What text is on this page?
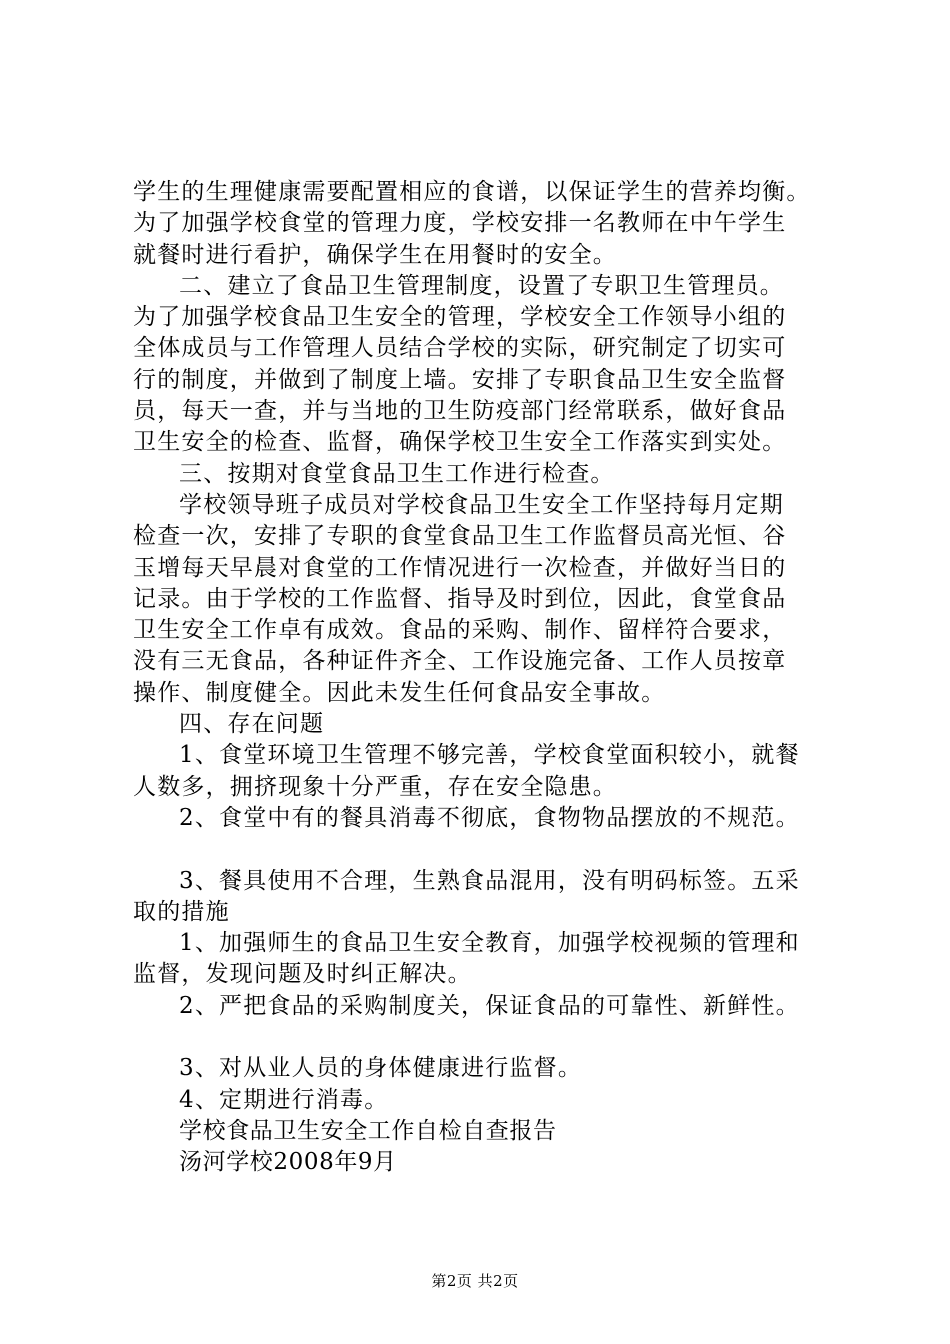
学生的生理健康需要配置相应的食谱，以保证学生的营养均衡。
为了加强学校食堂的管理力度，学校安排一名教师在中午学生
就餐时进行看护，确保学生在用餐时的安全。
二、建立了食品卫生管理制度，设置了专职卫生管理员。
为了加强学校食品卫生安全的管理，学校安全工作领导小组的
全体成员与工作管理人员结合学校的实际，研究制定了切实可
行的制度，并做到了制度上墙。安排了专职食品卫生安全监督
员，每天一查，并与当地的卫生防疫部门经常联系，做好食品
卫生安全的检查、监督，确保学校卫生安全工作落实到实处。
三、按期对食堂食品卫生工作进行检查。
学校领导班子成员对学校食品卫生安全工作坚持每月定期
检查一次，安排了专职的食堂食品卫生工作监督员高光恒、谷
玉增每天早晨对食堂的工作情况进行一次检查，并做好当日的
记录。由于学校的工作监督、指导及时到位，因此，食堂食品
卫生安全工作卓有成效。食品的采购、制作、留样符合要求，
没有三无食品，各种证件齐全、工作设施完备、工作人员按章
操作、制度健全。因此未发生任何食品安全事故。
四、存在问题
1、食堂环境卫生管理不够完善，学校食堂面积较小，就餐
人数多，拥挤现象十分严重，存在安全隐患。
2、食堂中有的餐具消毒不彻底，食物物品摆放的不规范。
3、餐具使用不合理，生熟食品混用，没有明码标签。五采
取的措施
1、加强师生的食品卫生安全教育，加强学校视频的管理和
监督，发现问题及时纠正解决。
2、严把食品的采购制度关，保证食品的可靠性、新鲜性。
3、对从业人员的身体健康进行监督。
4、定期进行消毒。
学校食品卫生安全工作自检自查报告
汤河学校2008年9月
第2页 共2页
